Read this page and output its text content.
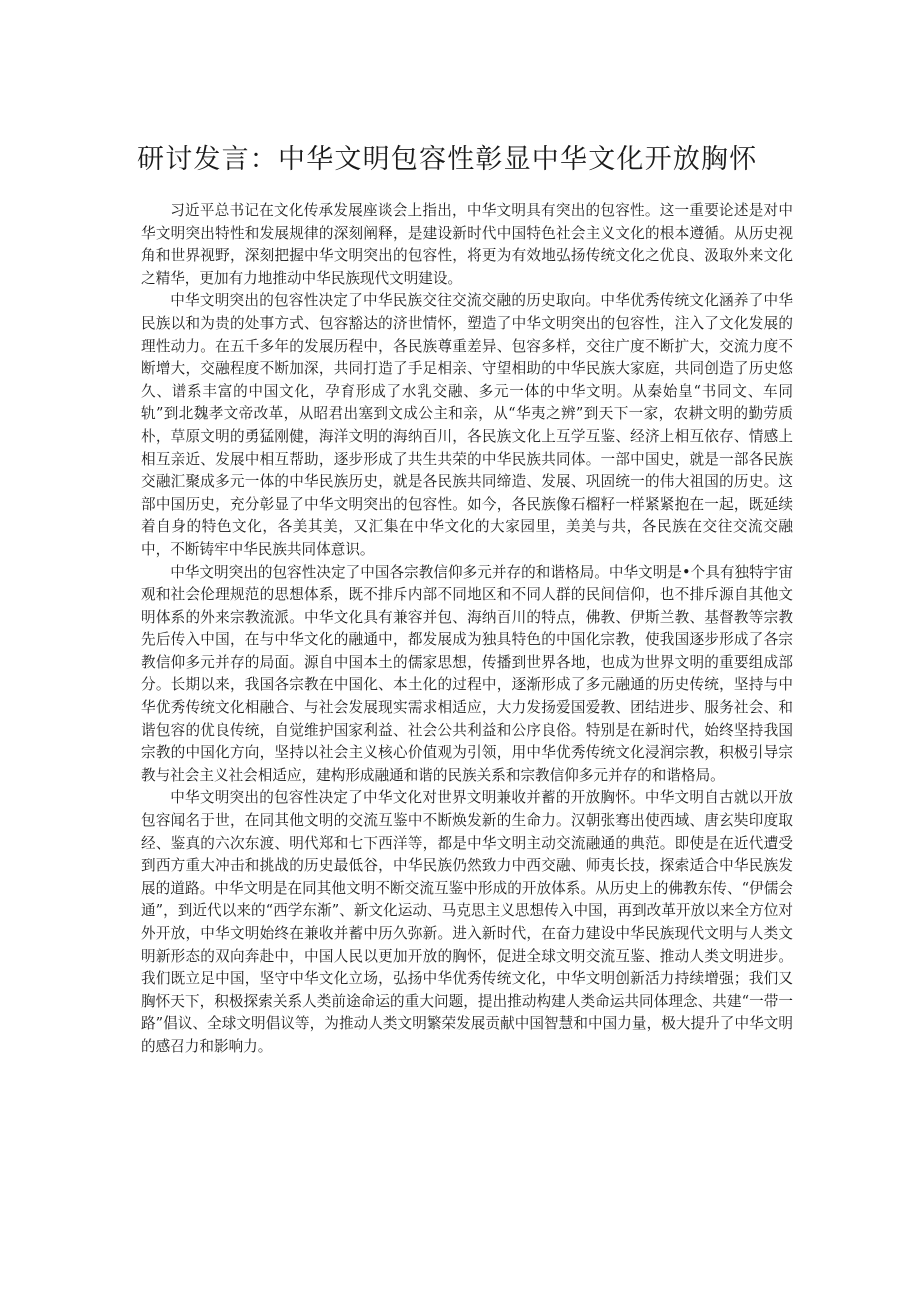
研讨发言：中华文明包容性彰显中华文化开放胸怀

习近平总书记在文化传承发展座谈会上指出，中华文明具有突出的包容性。这一重要论述是对中华文明突出特性和发展规律的深刻阐释，是建设新时代中国特色社会主义文化的根本遵循。从历史视角和世界视野，深刻把握中华文明突出的包容性，将更为有效地弘扬传统文化之优良、汲取外来文化之精华，更加有力地推动中华民族现代文明建设。

中华文明突出的包容性决定了中华民族交往交流交融的历史取向。中华优秀传统文化涵养了中华民族以和为贵的处事方式、包容豁达的济世情怀，塑造了中华文明突出的包容性，注入了文化发展的理性动力。在五千多年的发展历程中，各民族尊重差异、包容多样，交往广度不断扩大，交流力度不断增大，交融程度不断加深，共同打造了手足相亲、守望相助的中华民族大家庭，共同创造了历史悠久、谱系丰富的中国文化，孕育形成了水乳交融、多元一体的中华文明。从秦始皇“书同文、车同轨”到北魏孝文帝改革，从昭君出塞到文成公主和亲，从“华夷之辨”到天下一家，农耕文明的勤劳质朴，草原文明的勇猛刚健，海洋文明的海纳百川，各民族文化上互学互鉴、经济上相互依存、情感上相互亲近、发展中相互帮助，逐步形成了共生共荣的中华民族共同体。一部中国史，就是一部各民族交融汇聚成多元一体的中华民族历史，就是各民族共同缔造、发展、巩固统一的伟大祖国的历史。这部中国历史，充分彰显了中华文明突出的包容性。如今，各民族像石榴籽一样紧紧抱在一起，既延续着自身的特色文化，各美其美，又汇集在中华文化的大家园里，美美与共，各民族在交往交流交融中，不断铸牢中华民族共同体意识。

中华文明突出的包容性决定了中国各宗教信仰多元并存的和谐格局。中华文明是•个具有独特宇宙观和社会伦理规范的思想体系，既不排斥内部不同地区和不同人群的民间信仰，也不排斥源自其他文明体系的外来宗教流派。中华文化具有兼容并包、海纳百川的特点，佛教、伊斯兰教、基督教等宗教先后传入中国，在与中华文化的融通中，都发展成为独具特色的中国化宗教，使我国逐步形成了各宗教信仰多元并存的局面。源自中国本土的儒家思想，传播到世界各地，也成为世界文明的重要组成部分。长期以来，我国各宗教在中国化、本土化的过程中，逐渐形成了多元融通的历史传统，坚持与中华优秀传统文化相融合、与社会发展现实需求相适应，大力发扬爱国爱教、团结进步、服务社会、和谐包容的优良传统，自觉维护国家利益、社会公共利益和公序良俗。特别是在新时代，始终坚持我国宗教的中国化方向，坚持以社会主义核心价值观为引领，用中华优秀传统文化浸润宗教，积极引导宗教与社会主义社会相适应，建构形成融通和谐的民族关系和宗教信仰多元并存的和谐格局。

中华文明突出的包容性决定了中华文化对世界文明兼收并蓄的开放胸怀。中华文明自古就以开放包容闻名于世，在同其他文明的交流互鉴中不断焕发新的生命力。汉朝张骞出使西域、唐玄奘印度取经、鉴真的六次东渡、明代郑和七下西洋等，都是中华文明主动交流融通的典范。即使是在近代遭受到西方重大冲击和挑战的历史最低谷，中华民族仍然致力中西交融、师夷长技，探索适合中华民族发展的道路。中华文明是在同其他文明不断交流互鉴中形成的开放体系。从历史上的佛教东传、“伊儒会通”，到近代以来的“西学东渐”、新文化运动、马克思主义思想传入中国，再到改革开放以来全方位对外开放，中华文明始终在兼收并蓄中历久弥新。进入新时代，在奋力建设中华民族现代文明与人类文明新形态的双向奔赴中，中国人民以更加开放的胸怀，促进全球文明交流互鉴、推动人类文明进步。我们既立足中国，坚守中华文化立场，弘扬中华优秀传统文化，中华文明创新活力持续增强；我们又胸怀天下，积极探索关系人类前途命运的重大问题，提出推动构建人类命运共同体理念、共建“一带一路”倡议、全球文明倡议等，为推动人类文明繁荣发展贡献中国智慧和中国力量，极大提升了中华文明的感召力和影响力。
